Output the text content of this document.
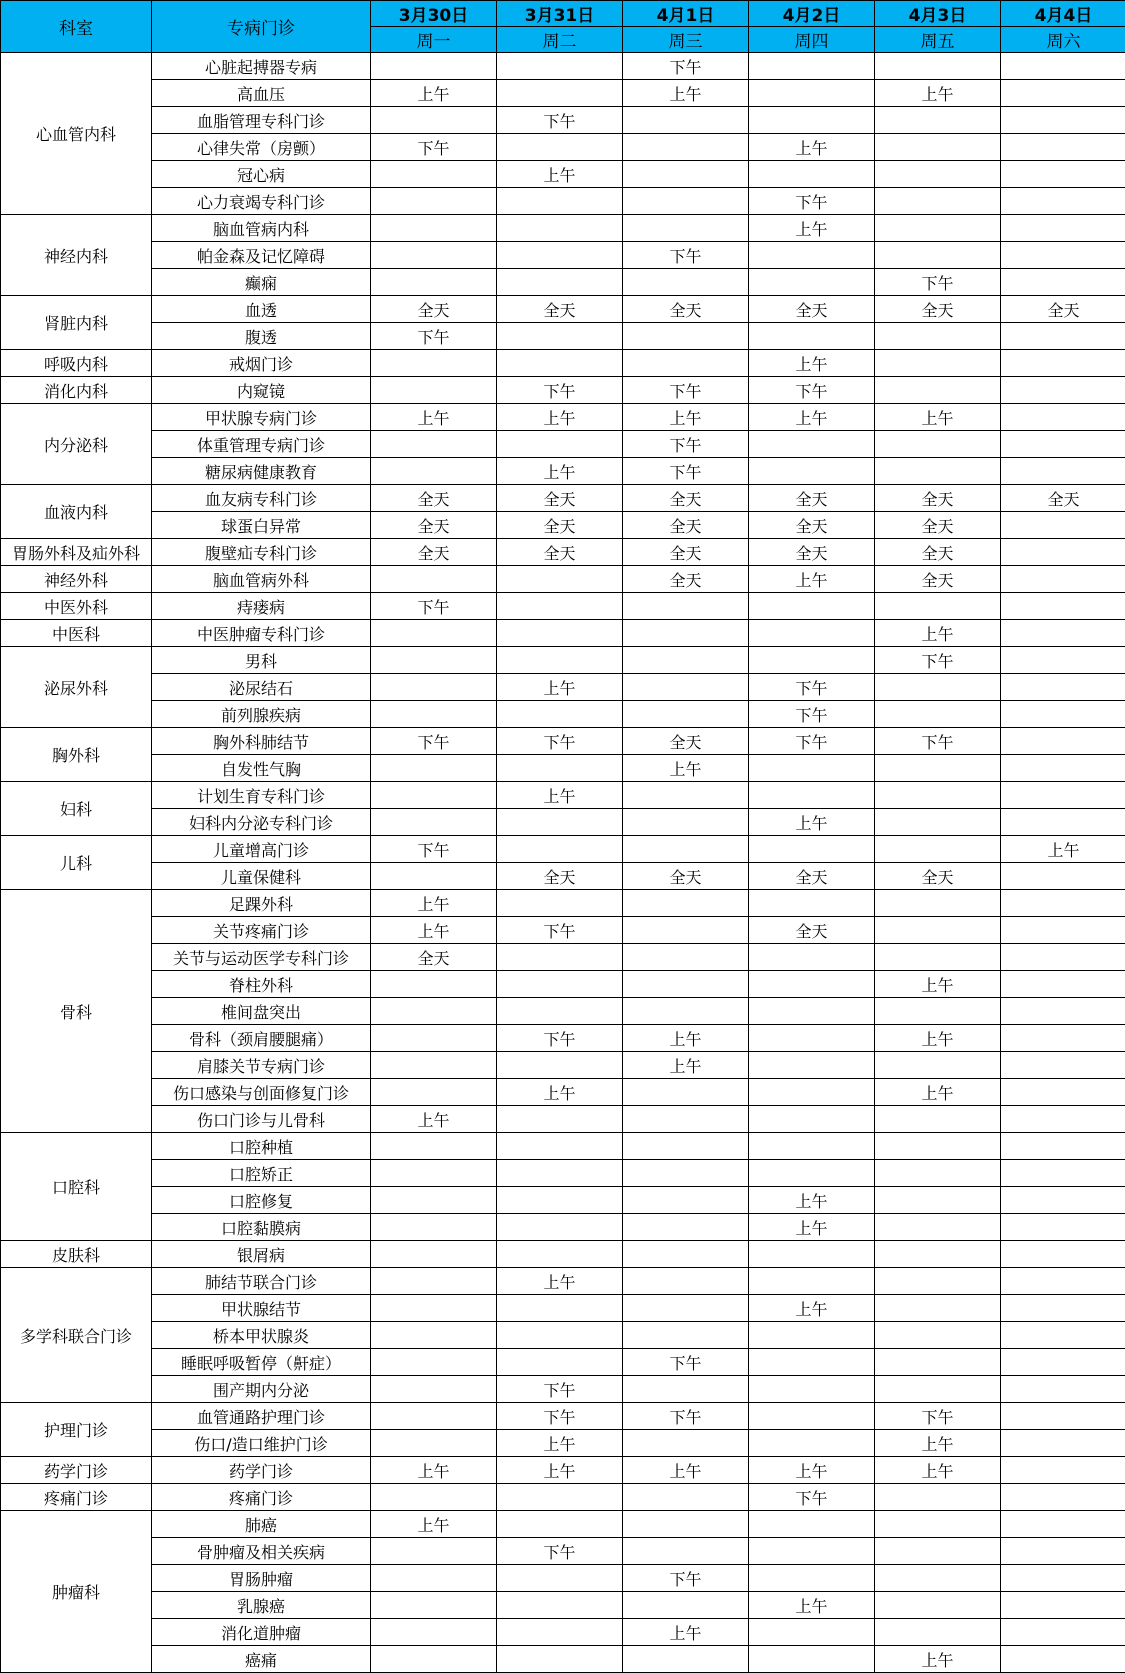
科室	专病门诊	3月30日	3月31日	4月1日	4月2日	4月3日	4月4日
		周一	周二	周三	周四	周五	周六
心血管内科	心脏起搏器专病			下午			
	高血压	上午		上午		上午	
	血脂管理专科门诊		下午				
	心律失常（房颤）	下午			上午		
	冠心病		上午				
	心力衰竭专科门诊				下午		
神经内科	脑血管病内科				上午		
	帕金森及记忆障碍			下午			
	癫痫					下午	
肾脏内科	血透	全天	全天	全天	全天	全天	全天
	腹透	下午					
呼吸内科	戒烟门诊				上午		
消化内科	内窥镜		下午	下午	下午		
内分泌科	甲状腺专病门诊	上午	上午	上午	上午	上午	
	体重管理专病门诊			下午			
	糖尿病健康教育		上午	下午			
血液内科	血友病专科门诊	全天	全天	全天	全天	全天	全天
	球蛋白异常	全天	全天	全天	全天	全天	
胃肠外科及疝外科	腹壁疝专科门诊	全天	全天	全天	全天	全天	
神经外科	脑血管病外科			全天	上午	全天	
中医外科	痔瘘病	下午					
中医科	中医肿瘤专科门诊					上午	
泌尿外科	男科					下午	
	泌尿结石		上午		下午		
	前列腺疾病				下午		
胸外科	胸外科肺结节	下午	下午	全天	下午	下午	
	自发性气胸			上午			
妇科	计划生育专科门诊		上午				
	妇科内分泌专科门诊				上午		
儿科	儿童增高门诊	下午					上午
	儿童保健科		全天	全天	全天	全天	
骨科	足踝外科	上午					
	关节疼痛门诊	上午	下午		全天		
	关节与运动医学专科门诊	全天					
	脊柱外科					上午	
	椎间盘突出						
	骨科（颈肩腰腿痛）		下午	上午		上午	
	肩膝关节专病门诊			上午			
	伤口感染与创面修复门诊		上午			上午	
	伤口门诊与儿骨科	上午					
口腔科	口腔种植						
	口腔矫正						
	口腔修复				上午		
	口腔黏膜病				上午		
皮肤科	银屑病						
多学科联合门诊	肺结节联合门诊		上午				
	甲状腺结节				上午		
	桥本甲状腺炎						
	睡眠呼吸暂停（鼾症）			下午			
	围产期内分泌		下午				
护理门诊	血管通路护理门诊		下午	下午		下午	
	伤口/造口维护门诊		上午			上午	
药学门诊	药学门诊	上午	上午	上午	上午	上午	
疼痛门诊	疼痛门诊				下午		
肿瘤科	肺癌	上午					
	骨肿瘤及相关疾病		下午				
	胃肠肿瘤			下午			
	乳腺癌				上午		
	消化道肿瘤			上午			
	癌痛					上午	
